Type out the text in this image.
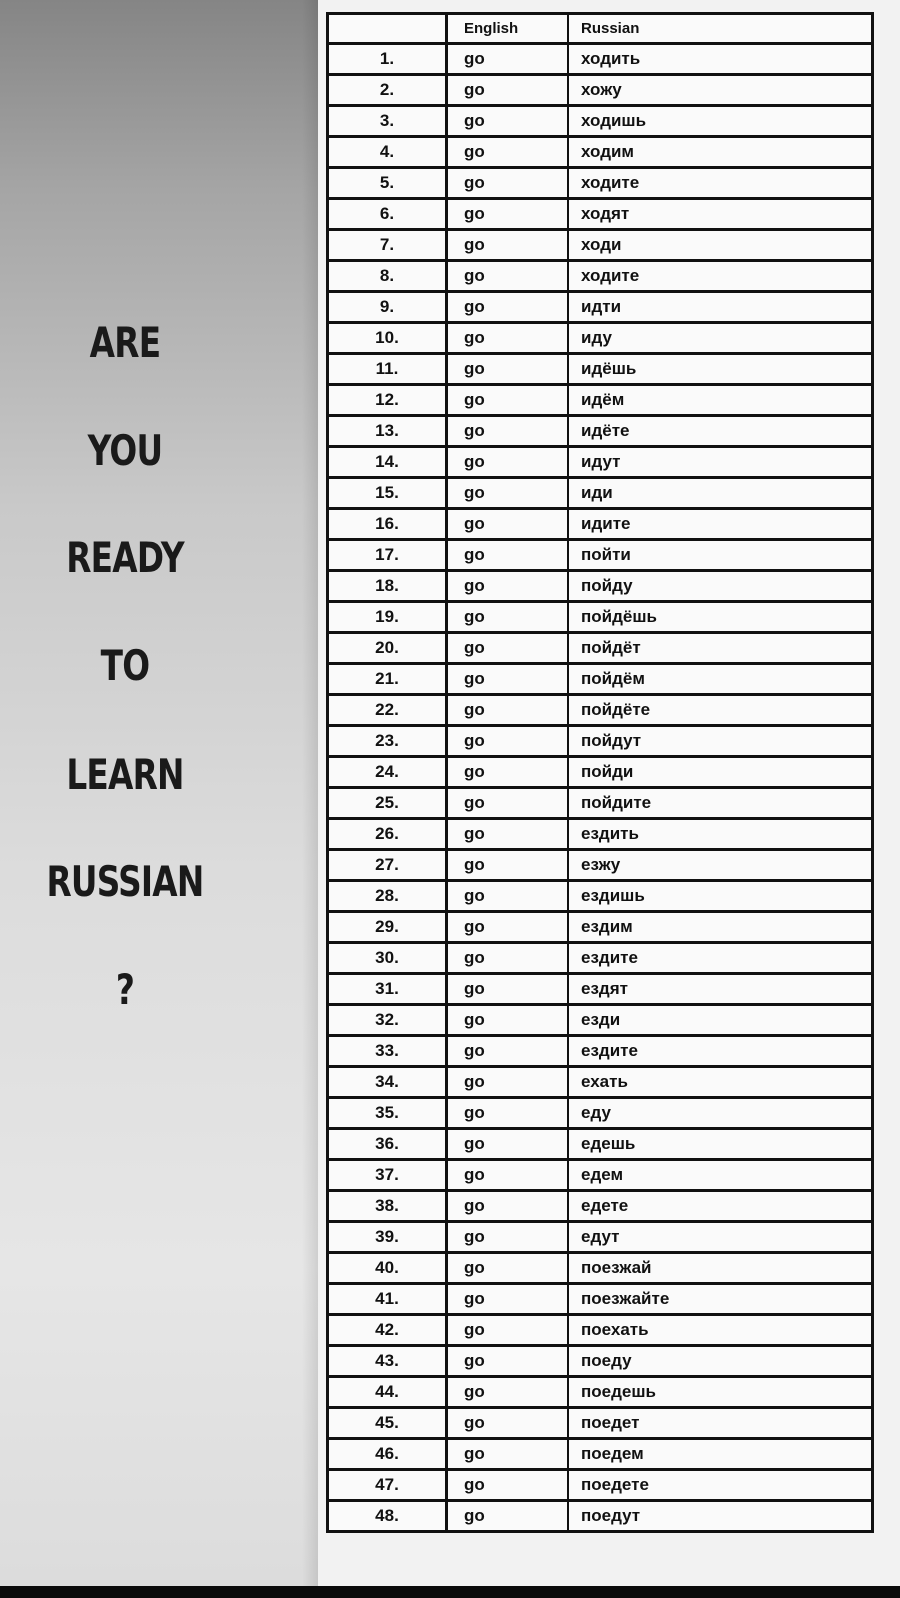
ARE
YOU
READY
TO
LEARN
RUSSIAN
?
	English	Russian
1.	go	ходить
2.	go	хожу
3.	go	ходишь
4.	go	ходим
5.	go	ходите
6.	go	ходят
7.	go	ходи
8.	go	ходите
9.	go	идти
10.	go	иду
11.	go	идёшь
12.	go	идём
13.	go	идёте
14.	go	идут
15.	go	иди
16.	go	идите
17.	go	пойти
18.	go	пойду
19.	go	пойдёшь
20.	go	пойдёт
21.	go	пойдём
22.	go	пойдёте
23.	go	пойдут
24.	go	пойди
25.	go	пойдите
26.	go	ездить
27.	go	езжу
28.	go	ездишь
29.	go	ездим
30.	go	ездите
31.	go	ездят
32.	go	езди
33.	go	ездите
34.	go	ехать
35.	go	еду
36.	go	едешь
37.	go	едем
38.	go	едете
39.	go	едут
40.	go	поезжай
41.	go	поезжайте
42.	go	поехать
43.	go	поеду
44.	go	поедешь
45.	go	поедет
46.	go	поедем
47.	go	поедете
48.	go	поедут
